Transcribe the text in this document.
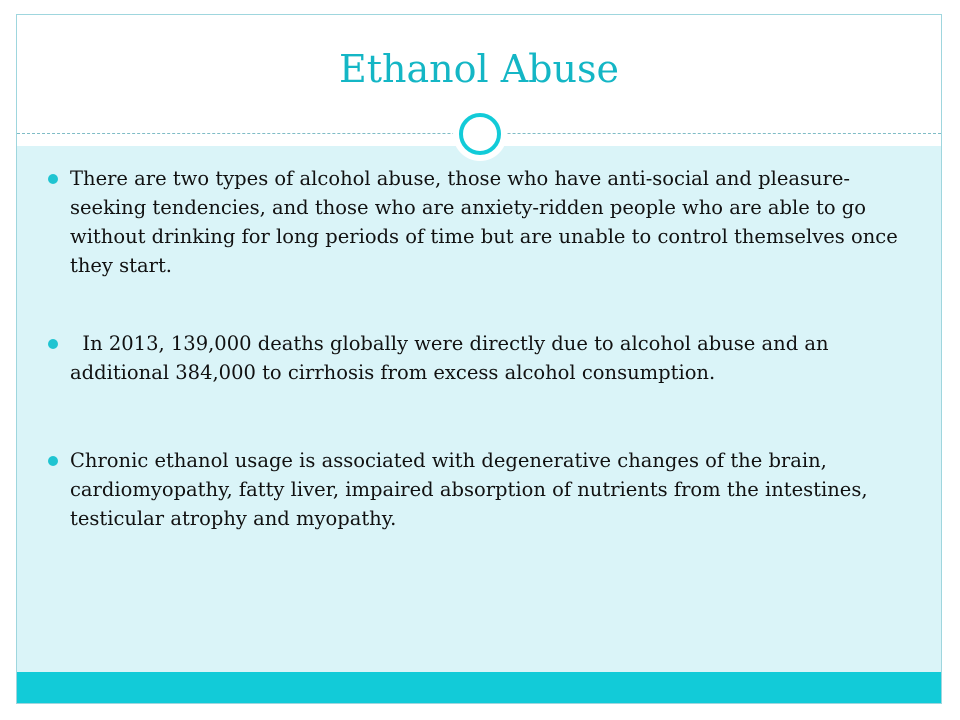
Ethanol Abuse
There are two types of alcohol abuse, those who have anti-social and pleasure-seeking tendencies, and those who are anxiety-ridden people who are able to go without drinking for long periods of time but are unable to control themselves once they start.
In 2013, 139,000 deaths globally were directly due to alcohol abuse and an additional 384,000 to cirrhosis from excess alcohol consumption.
Chronic ethanol usage is associated with degenerative changes of the brain, cardiomyopathy, fatty liver, impaired absorption of nutrients from the intestines, testicular atrophy and myopathy.
